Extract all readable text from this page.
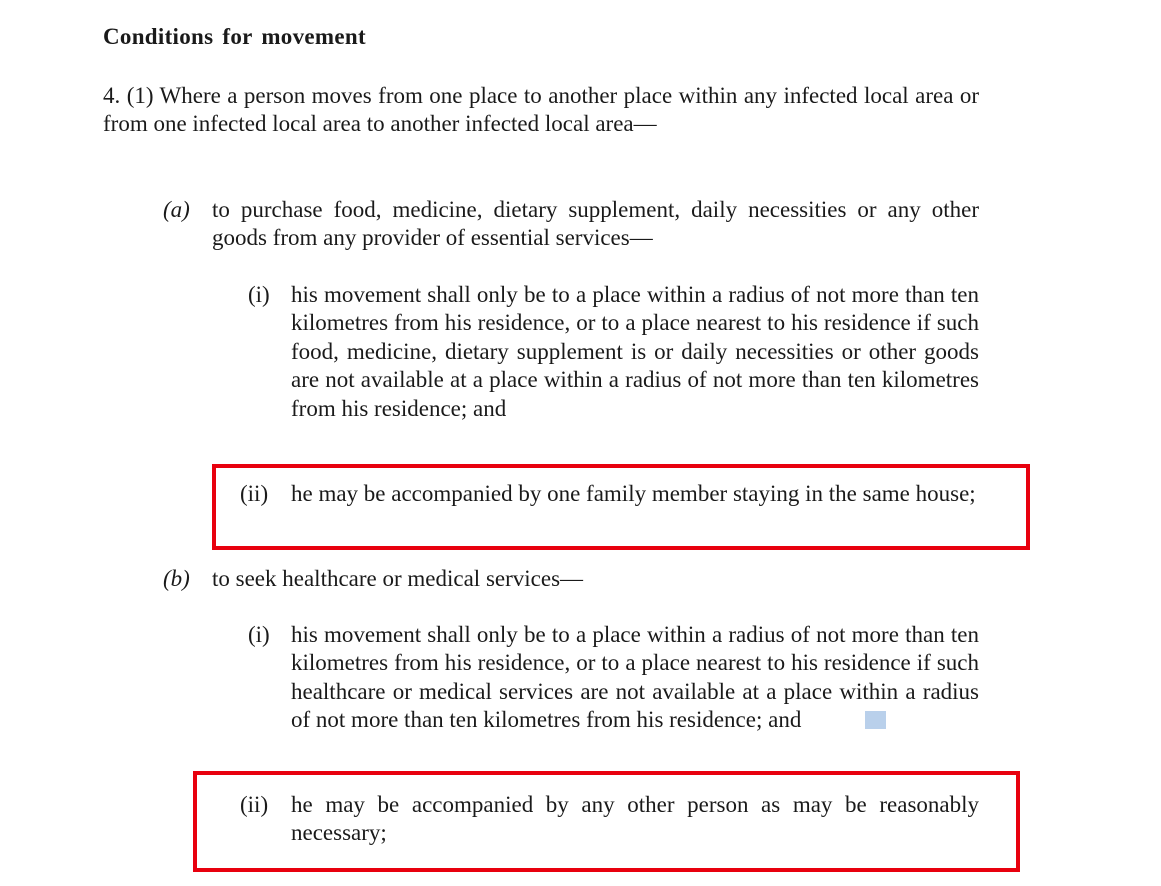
Conditions for movement
4. (1) Where a person moves from one place to another place within any infected local area or from one infected local area to another infected local area—
(a) to purchase food, medicine, dietary supplement, daily necessities or any other goods from any provider of essential services—
(i) his movement shall only be to a place within a radius of not more than ten kilometres from his residence, or to a place nearest to his residence if such food, medicine, dietary supplement is or daily necessities or other goods are not available at a place within a radius of not more than ten kilometres from his residence; and
(ii) he may be accompanied by one family member staying in the same house;
(b) to seek healthcare or medical services—
(i) his movement shall only be to a place within a radius of not more than ten kilometres from his residence, or to a place nearest to his residence if such healthcare or medical services are not available at a place within a radius of not more than ten kilometres from his residence; and
(ii) he may be accompanied by any other person as may be reasonably necessary;
